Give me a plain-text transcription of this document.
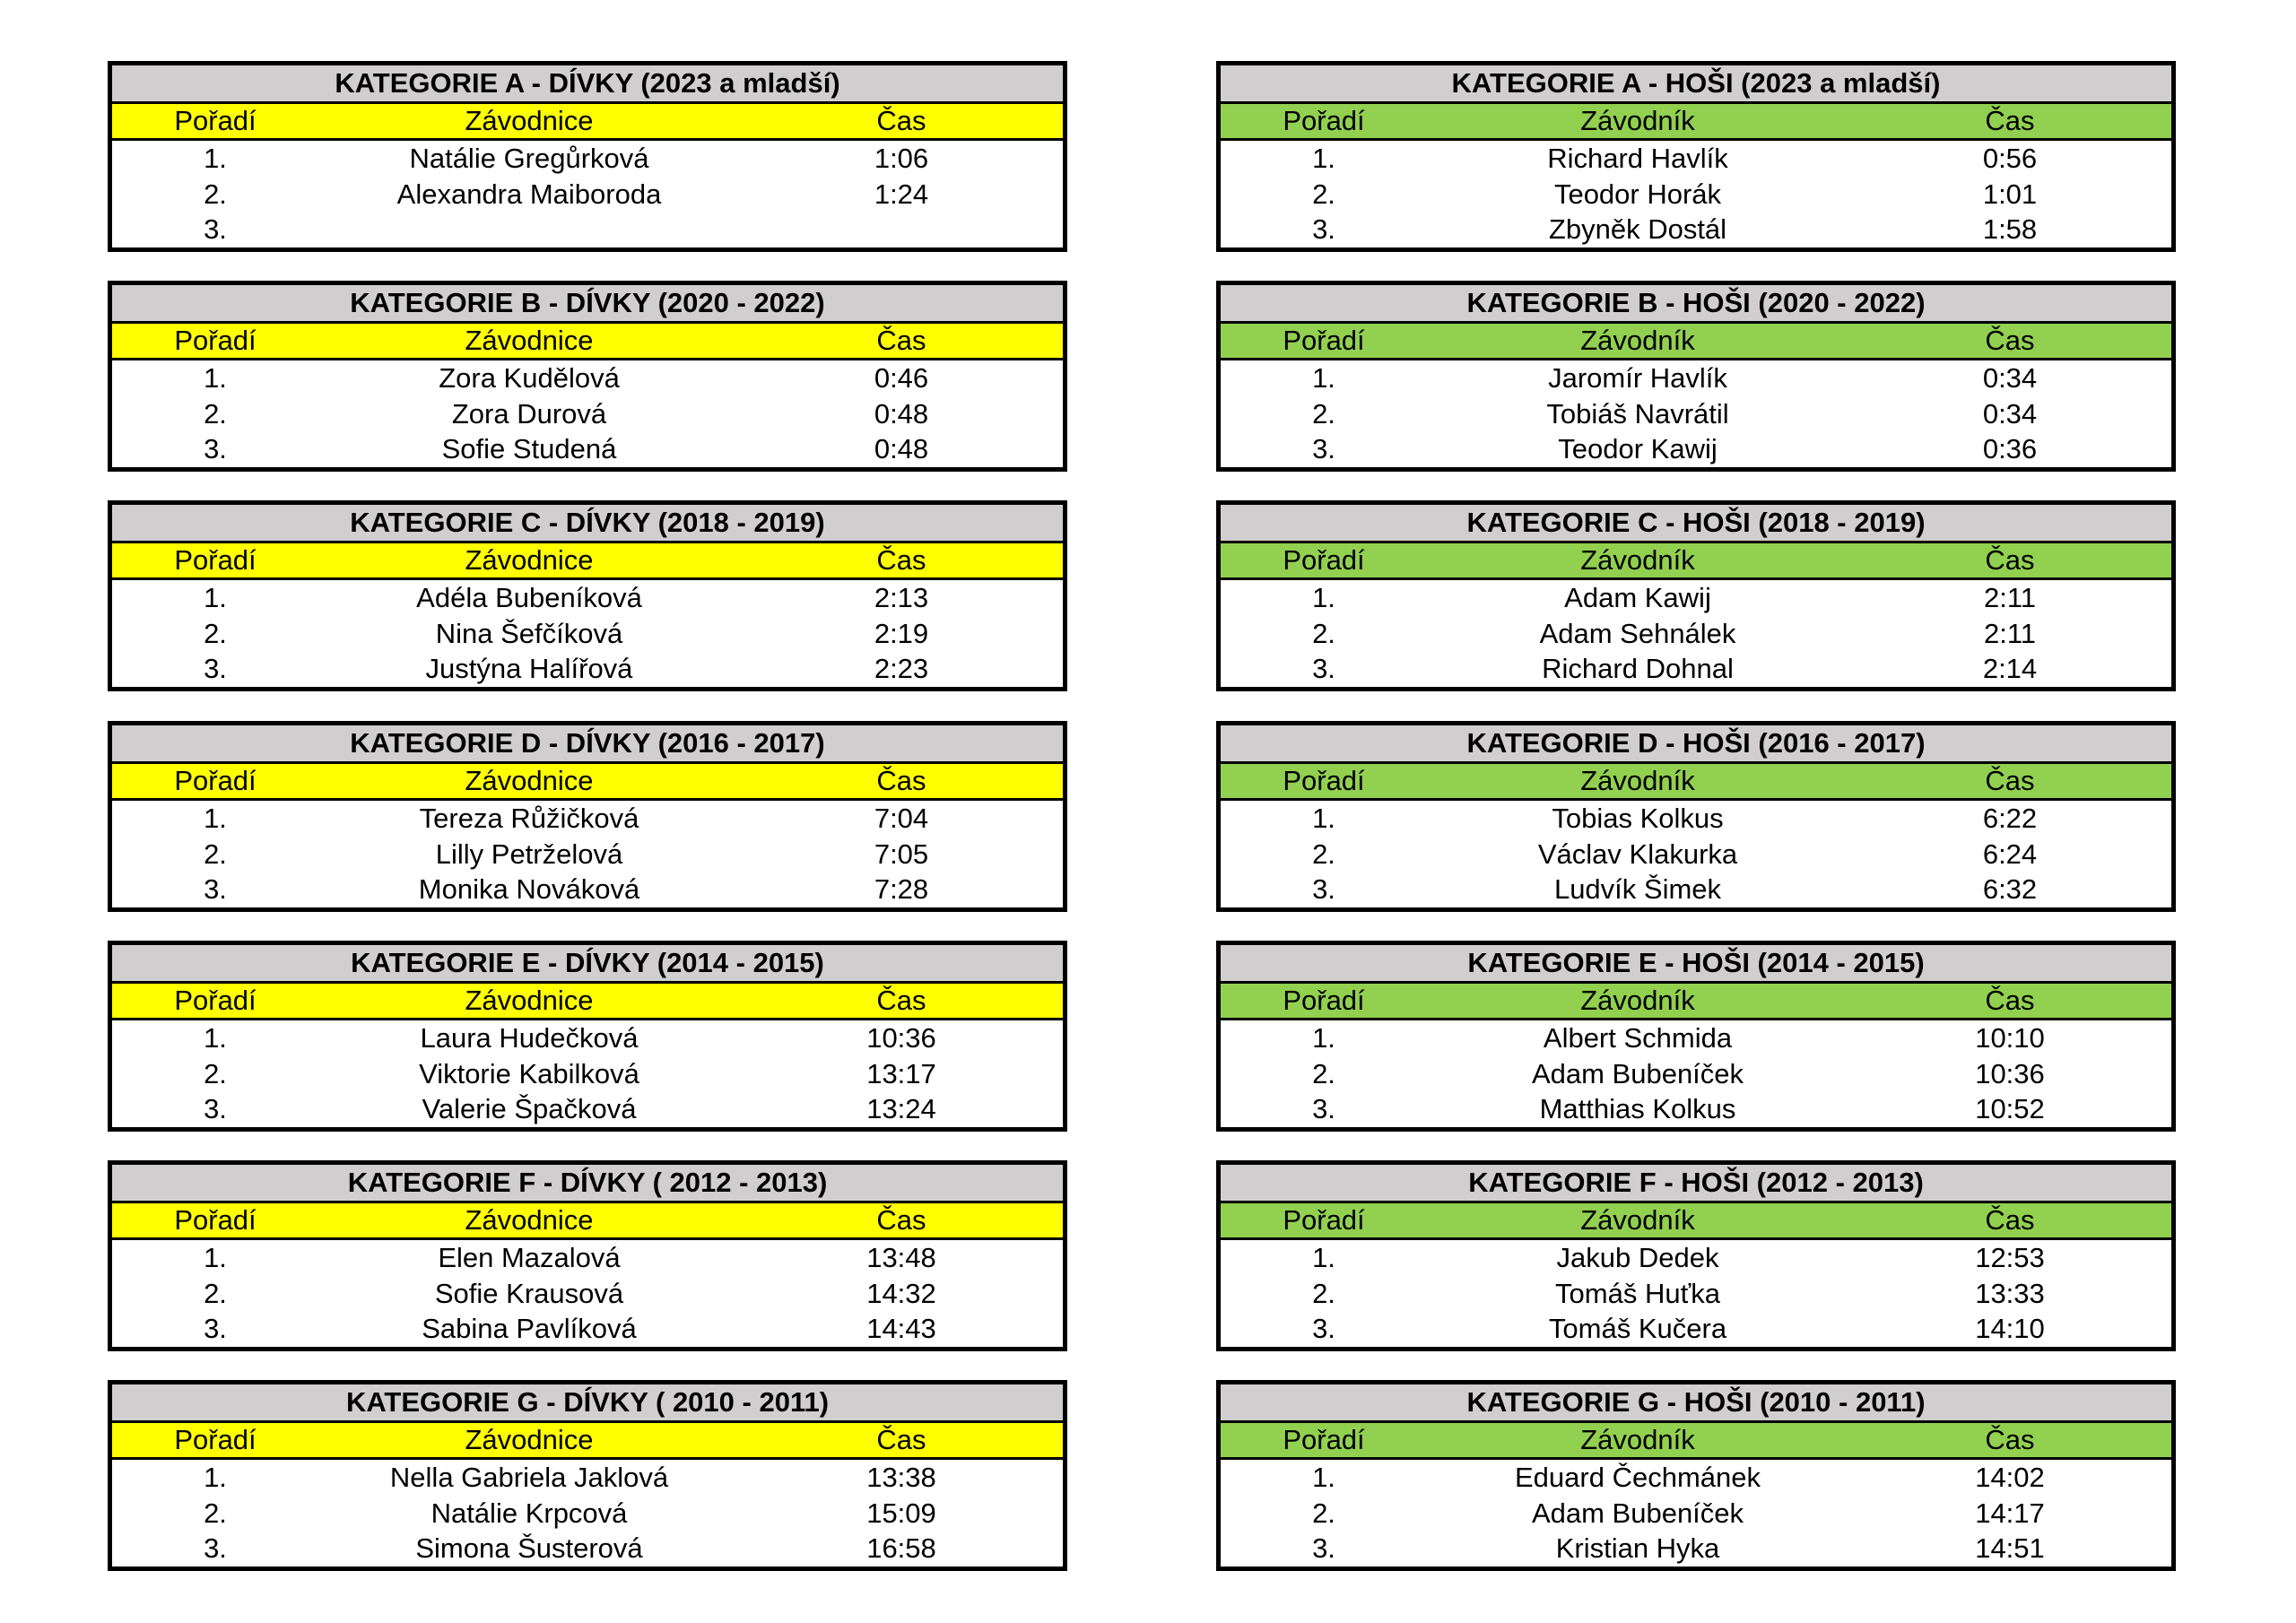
KATEGORIE A - DÍVKY (2023 a mladší)
Pořadí	Závodnice	Čas
1.	Natálie Gregůrková	1:06
2.	Alexandra Maiboroda	1:24
3.
KATEGORIE B - DÍVKY (2020 - 2022)
Pořadí	Závodnice	Čas
1.	Zora Kudělová	0:46
2.	Zora Durová	0:48
3.	Sofie Studená	0:48
KATEGORIE C - DÍVKY (2018 - 2019)
Pořadí	Závodnice	Čas
1.	Adéla Bubeníková	2:13
2.	Nina Šefčíková	2:19
3.	Justýna Halířová	2:23
KATEGORIE D - DÍVKY (2016 - 2017)
Pořadí	Závodnice	Čas
1.	Tereza Růžičková	7:04
2.	Lilly Petrželová	7:05
3.	Monika Nováková	7:28
KATEGORIE E - DÍVKY (2014 - 2015)
Pořadí	Závodnice	Čas
1.	Laura Hudečková	10:36
2.	Viktorie Kabilková	13:17
3.	Valerie Špačková	13:24
KATEGORIE F - DÍVKY ( 2012 - 2013)
Pořadí	Závodnice	Čas
1.	Elen Mazalová	13:48
2.	Sofie Krausová	14:32
3.	Sabina Pavlíková	14:43
KATEGORIE G - DÍVKY ( 2010 - 2011)
Pořadí	Závodnice	Čas
1.	Nella Gabriela Jaklová	13:38
2.	Natálie Krpcová	15:09
3.	Simona Šusterová	16:58
KATEGORIE A - HOŠI (2023 a mladší)
Pořadí	Závodník	Čas
1.	Richard Havlík	0:56
2.	Teodor Horák	1:01
3.	Zbyněk Dostál	1:58
KATEGORIE B - HOŠI (2020 - 2022)
Pořadí	Závodník	Čas
1.	Jaromír Havlík	0:34
2.	Tobiáš Navrátil	0:34
3.	Teodor Kawij	0:36
KATEGORIE C - HOŠI (2018 - 2019)
Pořadí	Závodník	Čas
1.	Adam Kawij	2:11
2.	Adam Sehnálek	2:11
3.	Richard Dohnal	2:14
KATEGORIE D - HOŠI (2016 - 2017)
Pořadí	Závodník	Čas
1.	Tobias Kolkus	6:22
2.	Václav Klakurka	6:24
3.	Ludvík Šimek	6:32
KATEGORIE E - HOŠI (2014 - 2015)
Pořadí	Závodník	Čas
1.	Albert Schmida	10:10
2.	Adam Bubeníček	10:36
3.	Matthias Kolkus	10:52
KATEGORIE F - HOŠI (2012 - 2013)
Pořadí	Závodník	Čas
1.	Jakub Dedek	12:53
2.	Tomáš Huťka	13:33
3.	Tomáš Kučera	14:10
KATEGORIE G - HOŠI (2010 - 2011)
Pořadí	Závodník	Čas
1.	Eduard Čechmánek	14:02
2.	Adam Bubeníček	14:17
3.	Kristian Hyka	14:51
